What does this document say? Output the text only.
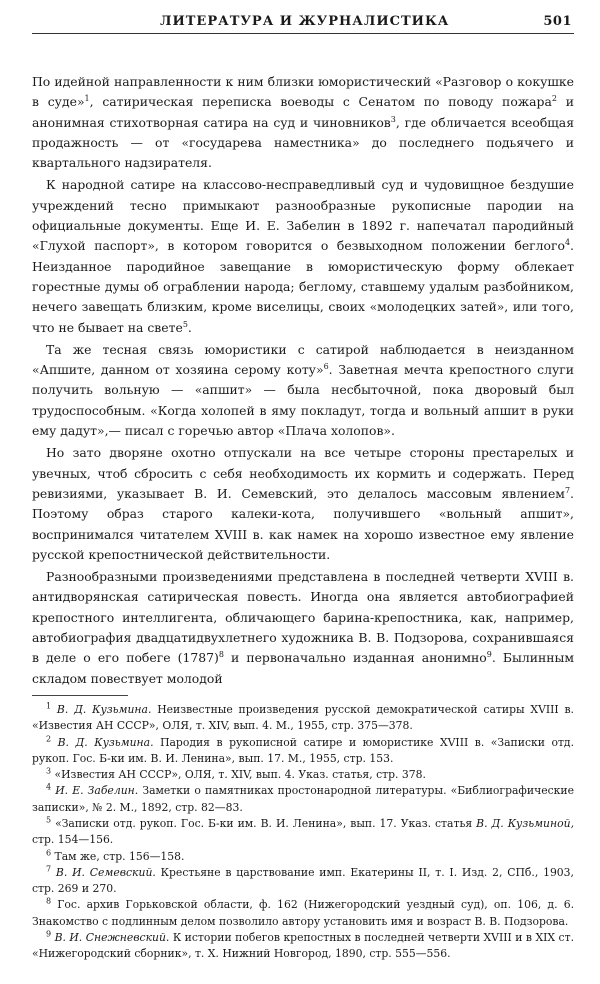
ЛИТЕРАТУРА И ЖУРНАЛИСТИКА	501

По идейной направленности к ним близки юмористический «Разговор о кокушке в суде»$^1$, сатирическая переписка воеводы с Сенатом по поводу пожара$^2$ и анонимная стихотворная сатира на суд и чиновников$^3$, где обличается всеобщая продажность — от «государева наместника» до последнего подьячего и квартального надзирателя.

К народной сатире на классово-несправедливый суд и чудовищное бездушие учреждений тесно примыкают разнообразные рукописные пародии на официальные документы. Еще И. Е. Забелин в 1892 г. напечатал пародийный «Глухой паспорт», в котором говорится о безвыходном положении беглого$^4$. Неизданное пародийное завещание в юмористическую форму облекает горестные думы об ограблении народа; беглому, ставшему удалым разбойником, нечего завещать близким, кроме виселицы, своих «молодецких затей», или того, что не бывает на свете$^5$.

Та же тесная связь юмористики с сатирой наблюдается в неизданном «Апшите, данном от хозяина серому коту»$^6$. Заветная мечта крепостного слуги получить вольную — «апшит» — была несбыточной, пока дворовый был трудоспособным. «Когда холопей в яму покладут, тогда и вольный апшит в руки ему дадут»,— писал с горечью автор «Плача холопов».

Но зато дворяне охотно отпускали на все четыре стороны престарелых и увечных, чтоб сбросить с себя необходимость их кормить и содержать. Перед ревизиями, указывает В. И. Семевский, это делалось массовым явлением$^7$. Поэтому образ старого калеки-кота, получившего «вольный апшит», воспринимался читателем XVIII в. как намек на хорошо известное ему явление русской крепостнической действительности.

Разнообразными произведениями представлена в последней четверти XVIII в. антидворянская сатирическая повесть. Иногда она является автобиографией крепостного интеллигента, обличающего барина-крепостника, как, например, автобиография двадцатидвухлетнего художника В. В. Подзорова, сохранившаяся в деле о его побеге $(1787)^8$ и первоначально изданная анонимно$^9$. Былинным складом повествует молодой

$^1$ В. Д. Кузьмина. Неизвестные произведения русской демократической сатиры XVIII в. «Известия АН СССР», ОЛЯ, т. XIV, вып. 4. М., 1955, стр. 375—378.

$^2$ В. Д. Кузьмина. Пародия в рукописной сатире и юмористике XVIII в. «Записки отд. рукоп. Гос. Б-ки им. В. И. Ленина», вып. 17. М., 1955, стр. 153.

$^3$ «Известия АН СССР», ОЛЯ, т. XIV, вып. 4. Указ. статья, стр. 378.

$^4$ И. Е. Забелин. Заметки о памятниках простонародной литературы. «Библиографические записки», № 2. М., 1892, стр. 82—83.

$^5$ «Записки отд. рукоп. Гос. Б-ки им. В. И. Ленина», вып. 17. Указ. статья В. Д. Кузьминой, стр. 154—156.

$^6$ Там же, стр. 156—158.

$^7$ В. И. Семевский. Крестьяне в царствование имп. Екатерины II, т. I. Изд. 2, СПб., 1903, стр. 269 и 270.

$^8$ Гос. архив Горьковской области, ф. 162 (Нижегородский уездный суд), оп. 106, д. 6. Знакомство с подлинным делом позволило автору установить имя и возраст В. В. Подзорова.

$^9$ В. И. Снежневский. К истории побегов крепостных в последней четверти XVIII и в XIX ст. «Нижегородский сборник», т. X. Нижний Новгород, 1890, стр. 555—556.
